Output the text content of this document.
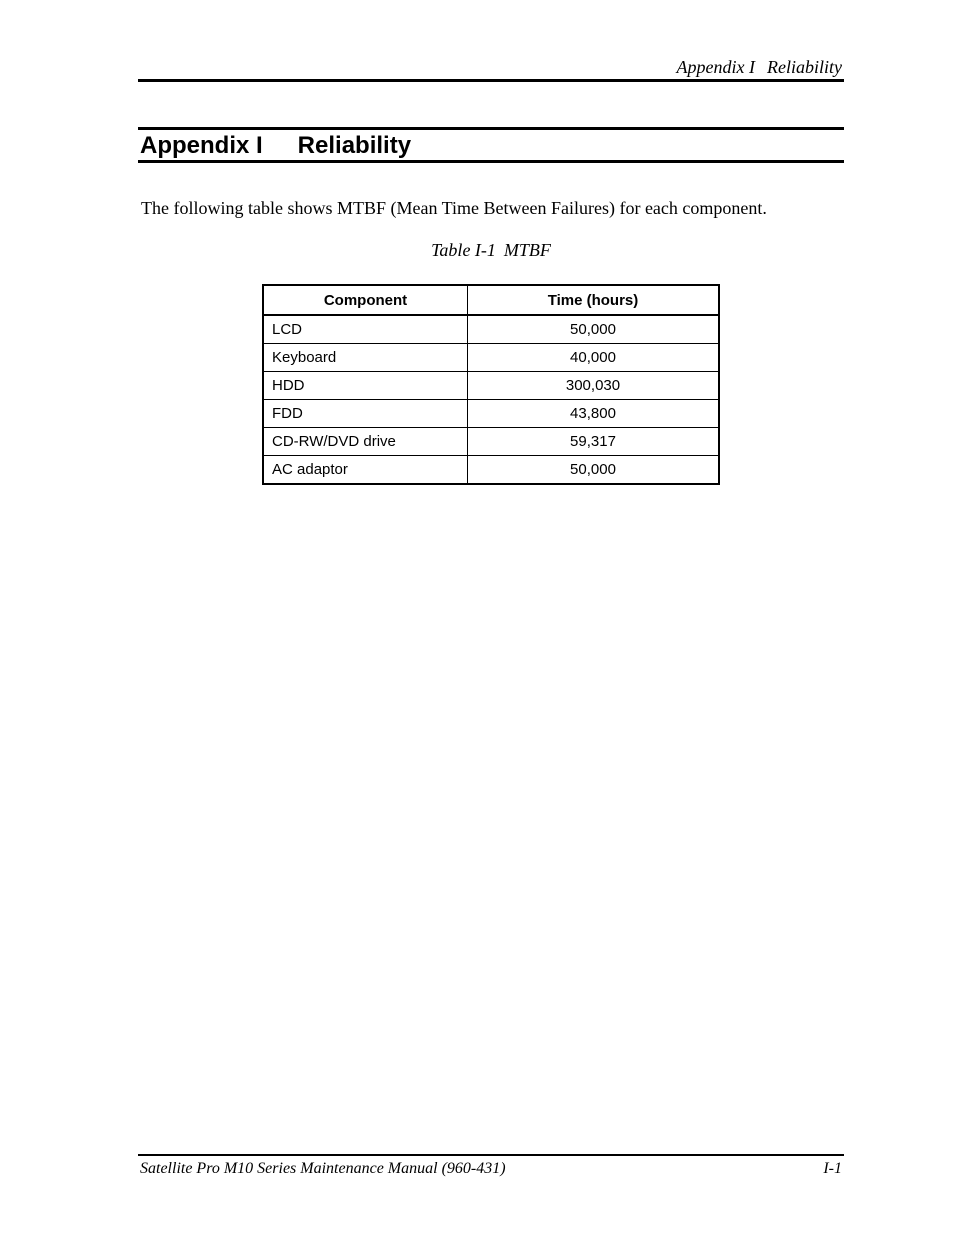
Appendix I Reliability
Appendix I Reliability

The following table shows MTBF (Mean Time Between Failures) for each component.

Table I-1 MTBF
Component	Time (hours)
LCD	50,000
Keyboard	40,000
HDD	300,030
FDD	43,800
CD-RW/DVD drive	59,317
AC adaptor	50,000
Satellite Pro M10 Series Maintenance Manual (960-431)	I-1
